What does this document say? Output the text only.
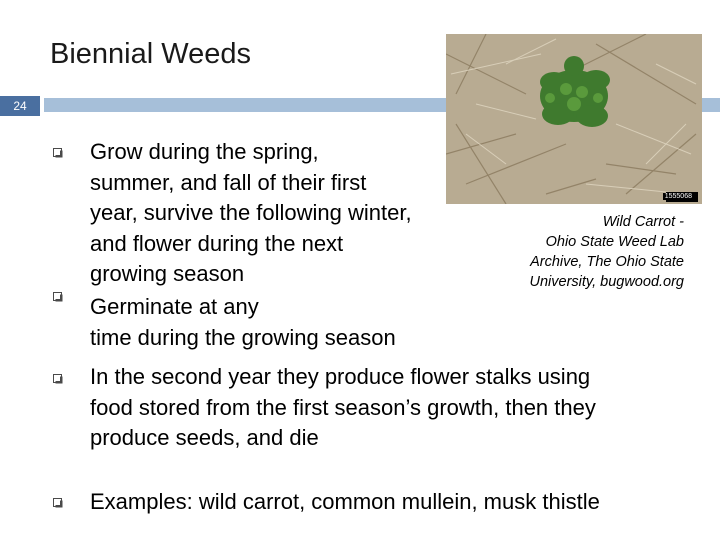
Biennial Weeds
24
1555068
Wild Carrot -
Ohio State Weed Lab
Archive, The Ohio State
University, bugwood.org
Grow during the spring,
summer, and fall of their first
year, survive the following winter,
and flower during the next
growing season
Germinate at any
time during the growing season
In the second year they produce flower stalks using
food stored from the first season’s growth, then they
produce seeds, and die
Examples: wild carrot, common mullein, musk thistle
